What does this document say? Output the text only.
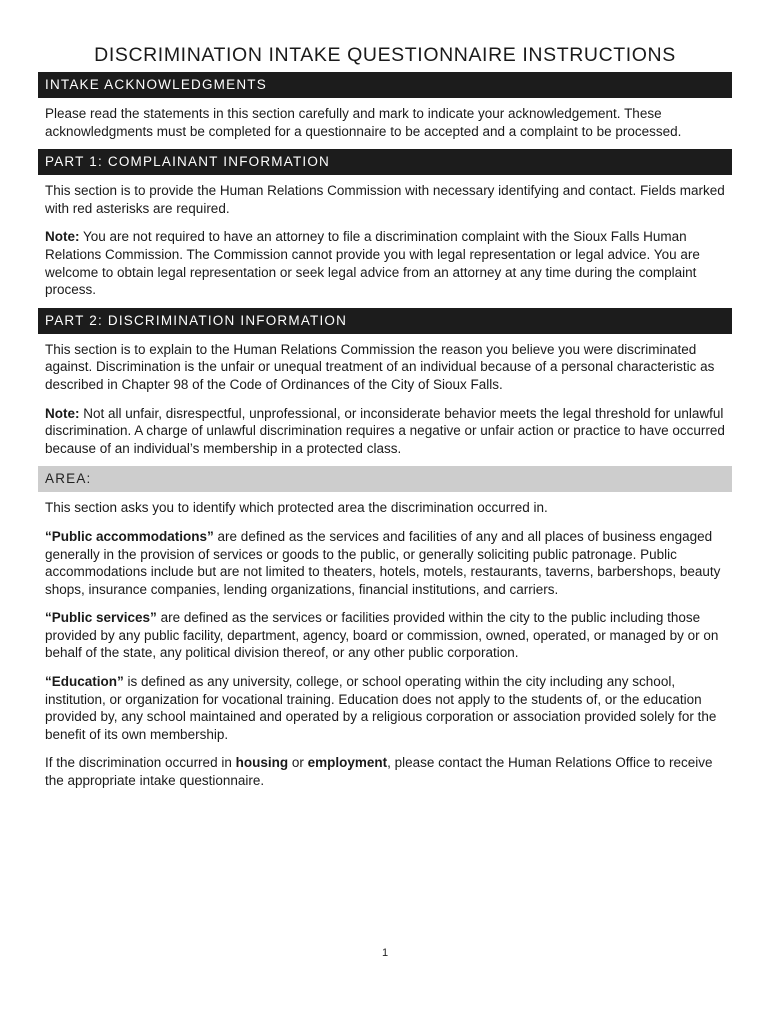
DISCRIMINATION INTAKE QUESTIONNAIRE INSTRUCTIONS
INTAKE ACKNOWLEDGMENTS

Please read the statements in this section carefully and mark to indicate your acknowledgement. These acknowledgments must be completed for a questionnaire to be accepted and a complaint to be processed.

PART 1: COMPLAINANT INFORMATION

This section is to provide the Human Relations Commission with necessary identifying and contact. Fields marked with red asterisks are required.

Note: You are not required to have an attorney to file a discrimination complaint with the Sioux Falls Human Relations Commission. The Commission cannot provide you with legal representation or legal advice. You are welcome to obtain legal representation or seek legal advice from an attorney at any time during the complaint process.

PART 2: DISCRIMINATION INFORMATION

This section is to explain to the Human Relations Commission the reason you believe you were discriminated against. Discrimination is the unfair or unequal treatment of an individual because of a personal characteristic as described in Chapter 98 of the Code of Ordinances of the City of Sioux Falls.

Note: Not all unfair, disrespectful, unprofessional, or inconsiderate behavior meets the legal threshold for unlawful discrimination. A charge of unlawful discrimination requires a negative or unfair action or practice to have occurred because of an individual’s membership in a protected class.

AREA:

This section asks you to identify which protected area the discrimination occurred in.

“Public accommodations” are defined as the services and facilities of any and all places of business engaged generally in the provision of services or goods to the public, or generally soliciting public patronage. Public accommodations include but are not limited to theaters, hotels, motels, restaurants, taverns, barbershops, beauty shops, insurance companies, lending organizations, financial institutions, and carriers.

“Public services” are defined as the services or facilities provided within the city to the public including those provided by any public facility, department, agency, board or commission, owned, operated, or managed by or on behalf of the state, any political division thereof, or any other public corporation.

“Education” is defined as any university, college, or school operating within the city including any school, institution, or organization for vocational training. Education does not apply to the students of, or the education provided by, any school maintained and operated by a religious corporation or association provided solely for the benefit of its own membership.

If the discrimination occurred in housing or employment, please contact the Human Relations Office to receive the appropriate intake questionnaire.

1
